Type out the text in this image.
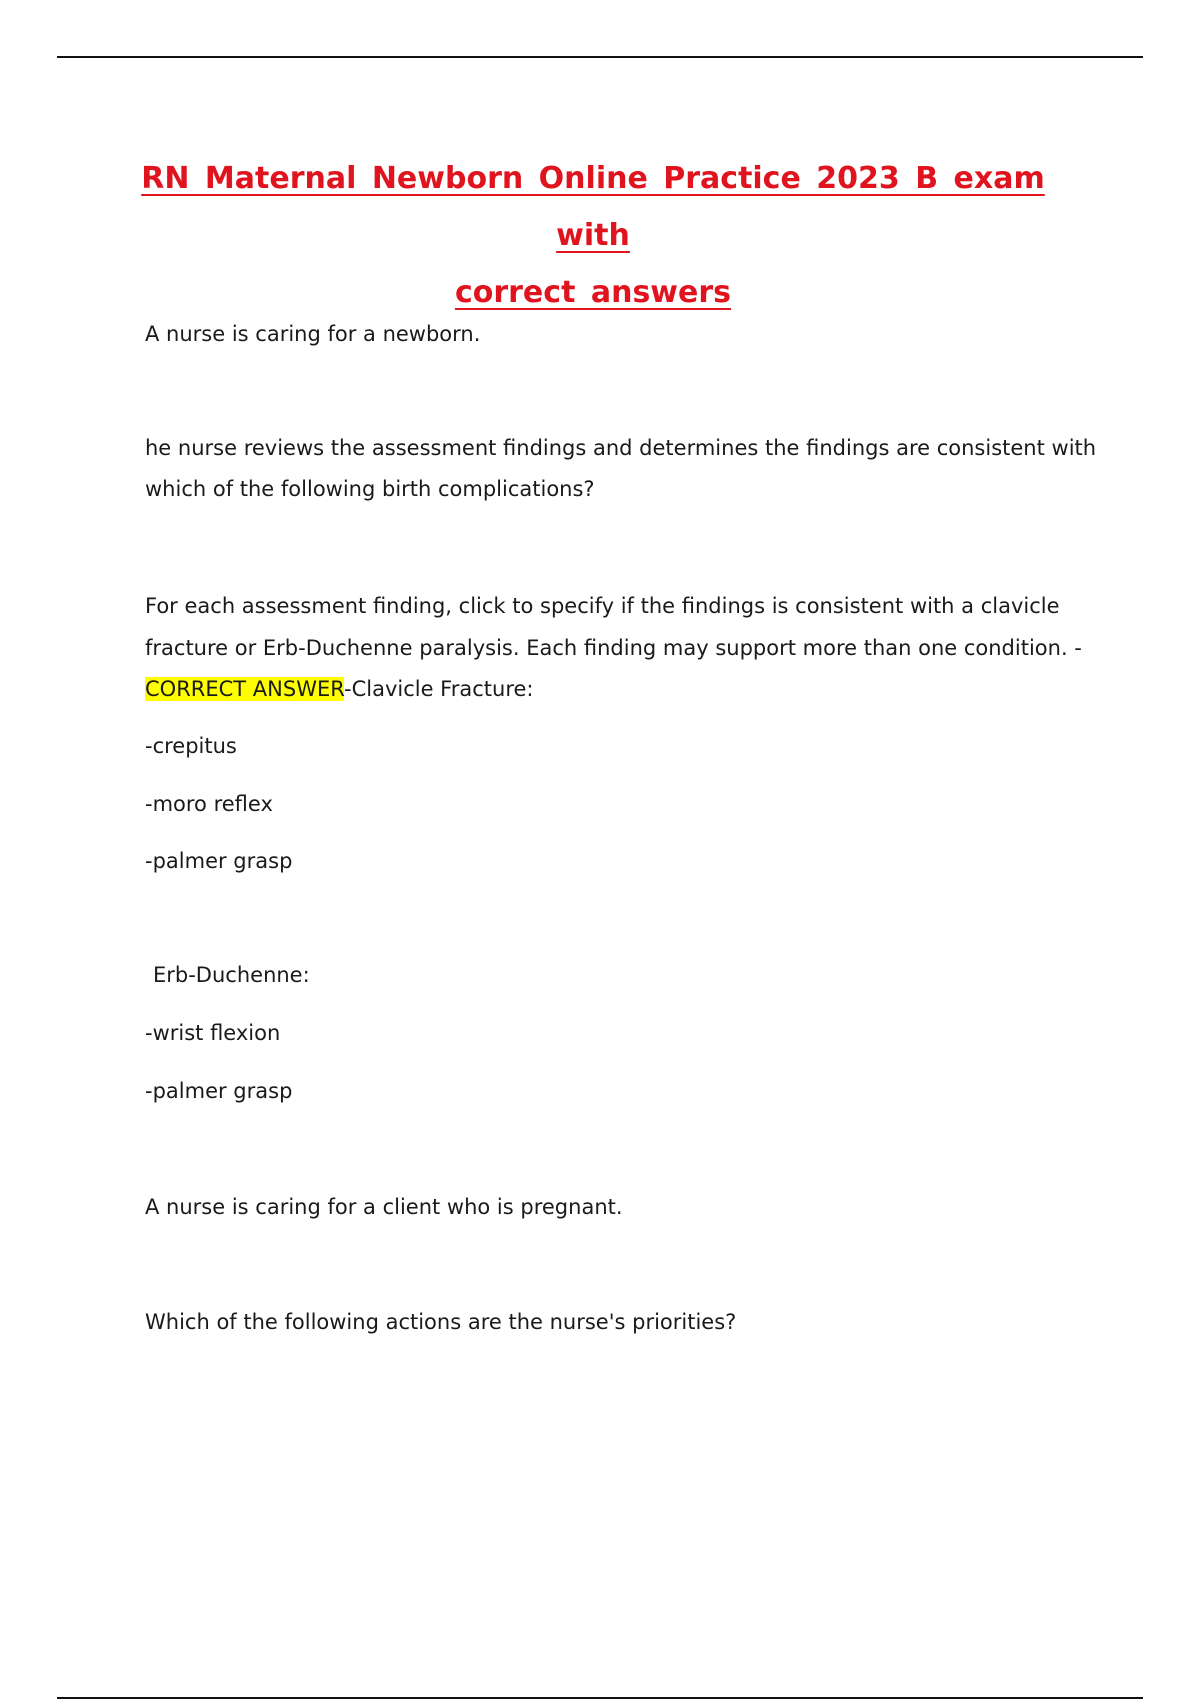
RN Maternal Newborn Online Practice 2023 B exam with
correct answers

A nurse is caring for a newborn.

he nurse reviews the assessment findings and determines the findings are consistent with

which of the following birth complications?

For each assessment finding, click to specify if the findings is consistent with a clavicle

fracture or Erb-Duchenne paralysis. Each finding may support more than one condition. -

CORRECT ANSWER-Clavicle Fracture:

-crepitus

-moro reflex

-palmer grasp

Erb-Duchenne:

-wrist flexion

-palmer grasp

A nurse is caring for a client who is pregnant.

Which of the following actions are the nurse's priorities?
